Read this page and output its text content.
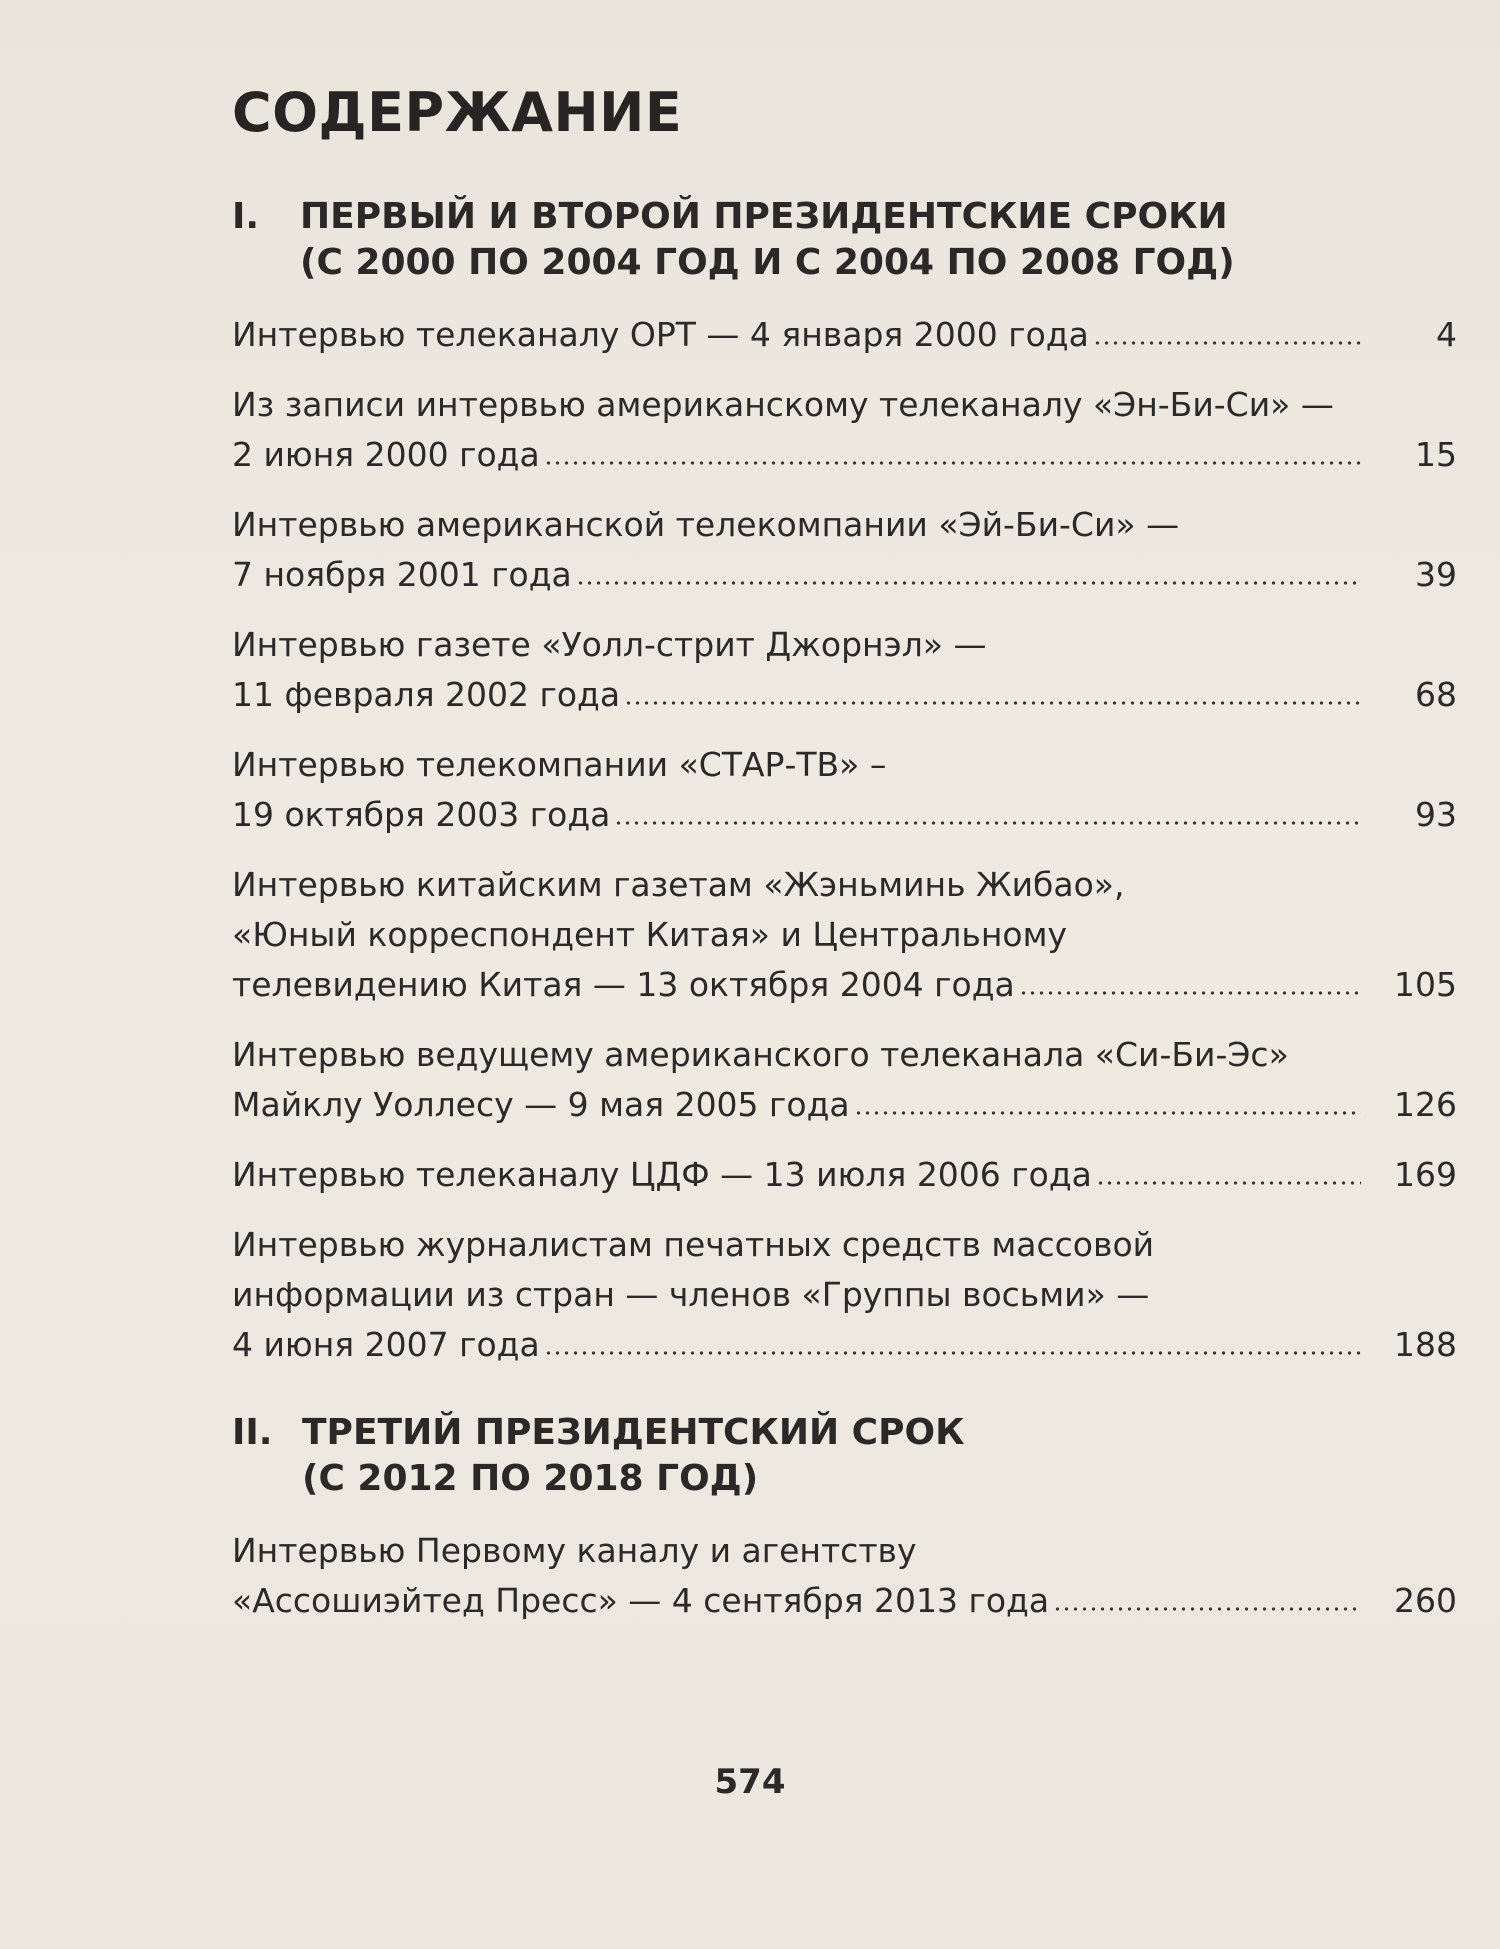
СОДЕРЖАНИЕ
I.	ПЕРВЫЙ И ВТОРОЙ ПРЕЗИДЕНТСКИЕ СРОКИ
(С 2000 ПО 2004 ГОД И С 2004 ПО 2008 ГОД)
Интервью телеканалу ОРТ — 4 января 2000 года	4
Из записи интервью американскому телеканалу «Эн-Би-Си» —
2 июня 2000 года	15
Интервью американской телекомпании «Эй-Би-Си» —
7 ноября 2001 года	39
Интервью газете «Уолл-стрит Джорнэл» —
11 февраля 2002 года	68
Интервью телекомпании «СТАР-ТВ» –
19 октября 2003 года	93
Интервью китайским газетам «Жэньминь Жибао»,
«Юный корреспондент Китая» и Центральному
телевидению Китая — 13 октября 2004 года	105
Интервью ведущему американского телеканала «Си-Би-Эс»
Майклу Уоллесу — 9 мая 2005 года	126
Интервью телеканалу ЦДФ — 13 июля 2006 года	169
Интервью журналистам печатных средств массовой
информации из стран — членов «Группы восьми» —
4 июня 2007 года	188
II. ТРЕТИЙ ПРЕЗИДЕНТСКИЙ СРОК
(С 2012 ПО 2018 ГОД)
Интервью Первому каналу и агентству
«Ассошиэйтед Пресс» — 4 сентября 2013 года	260
574
